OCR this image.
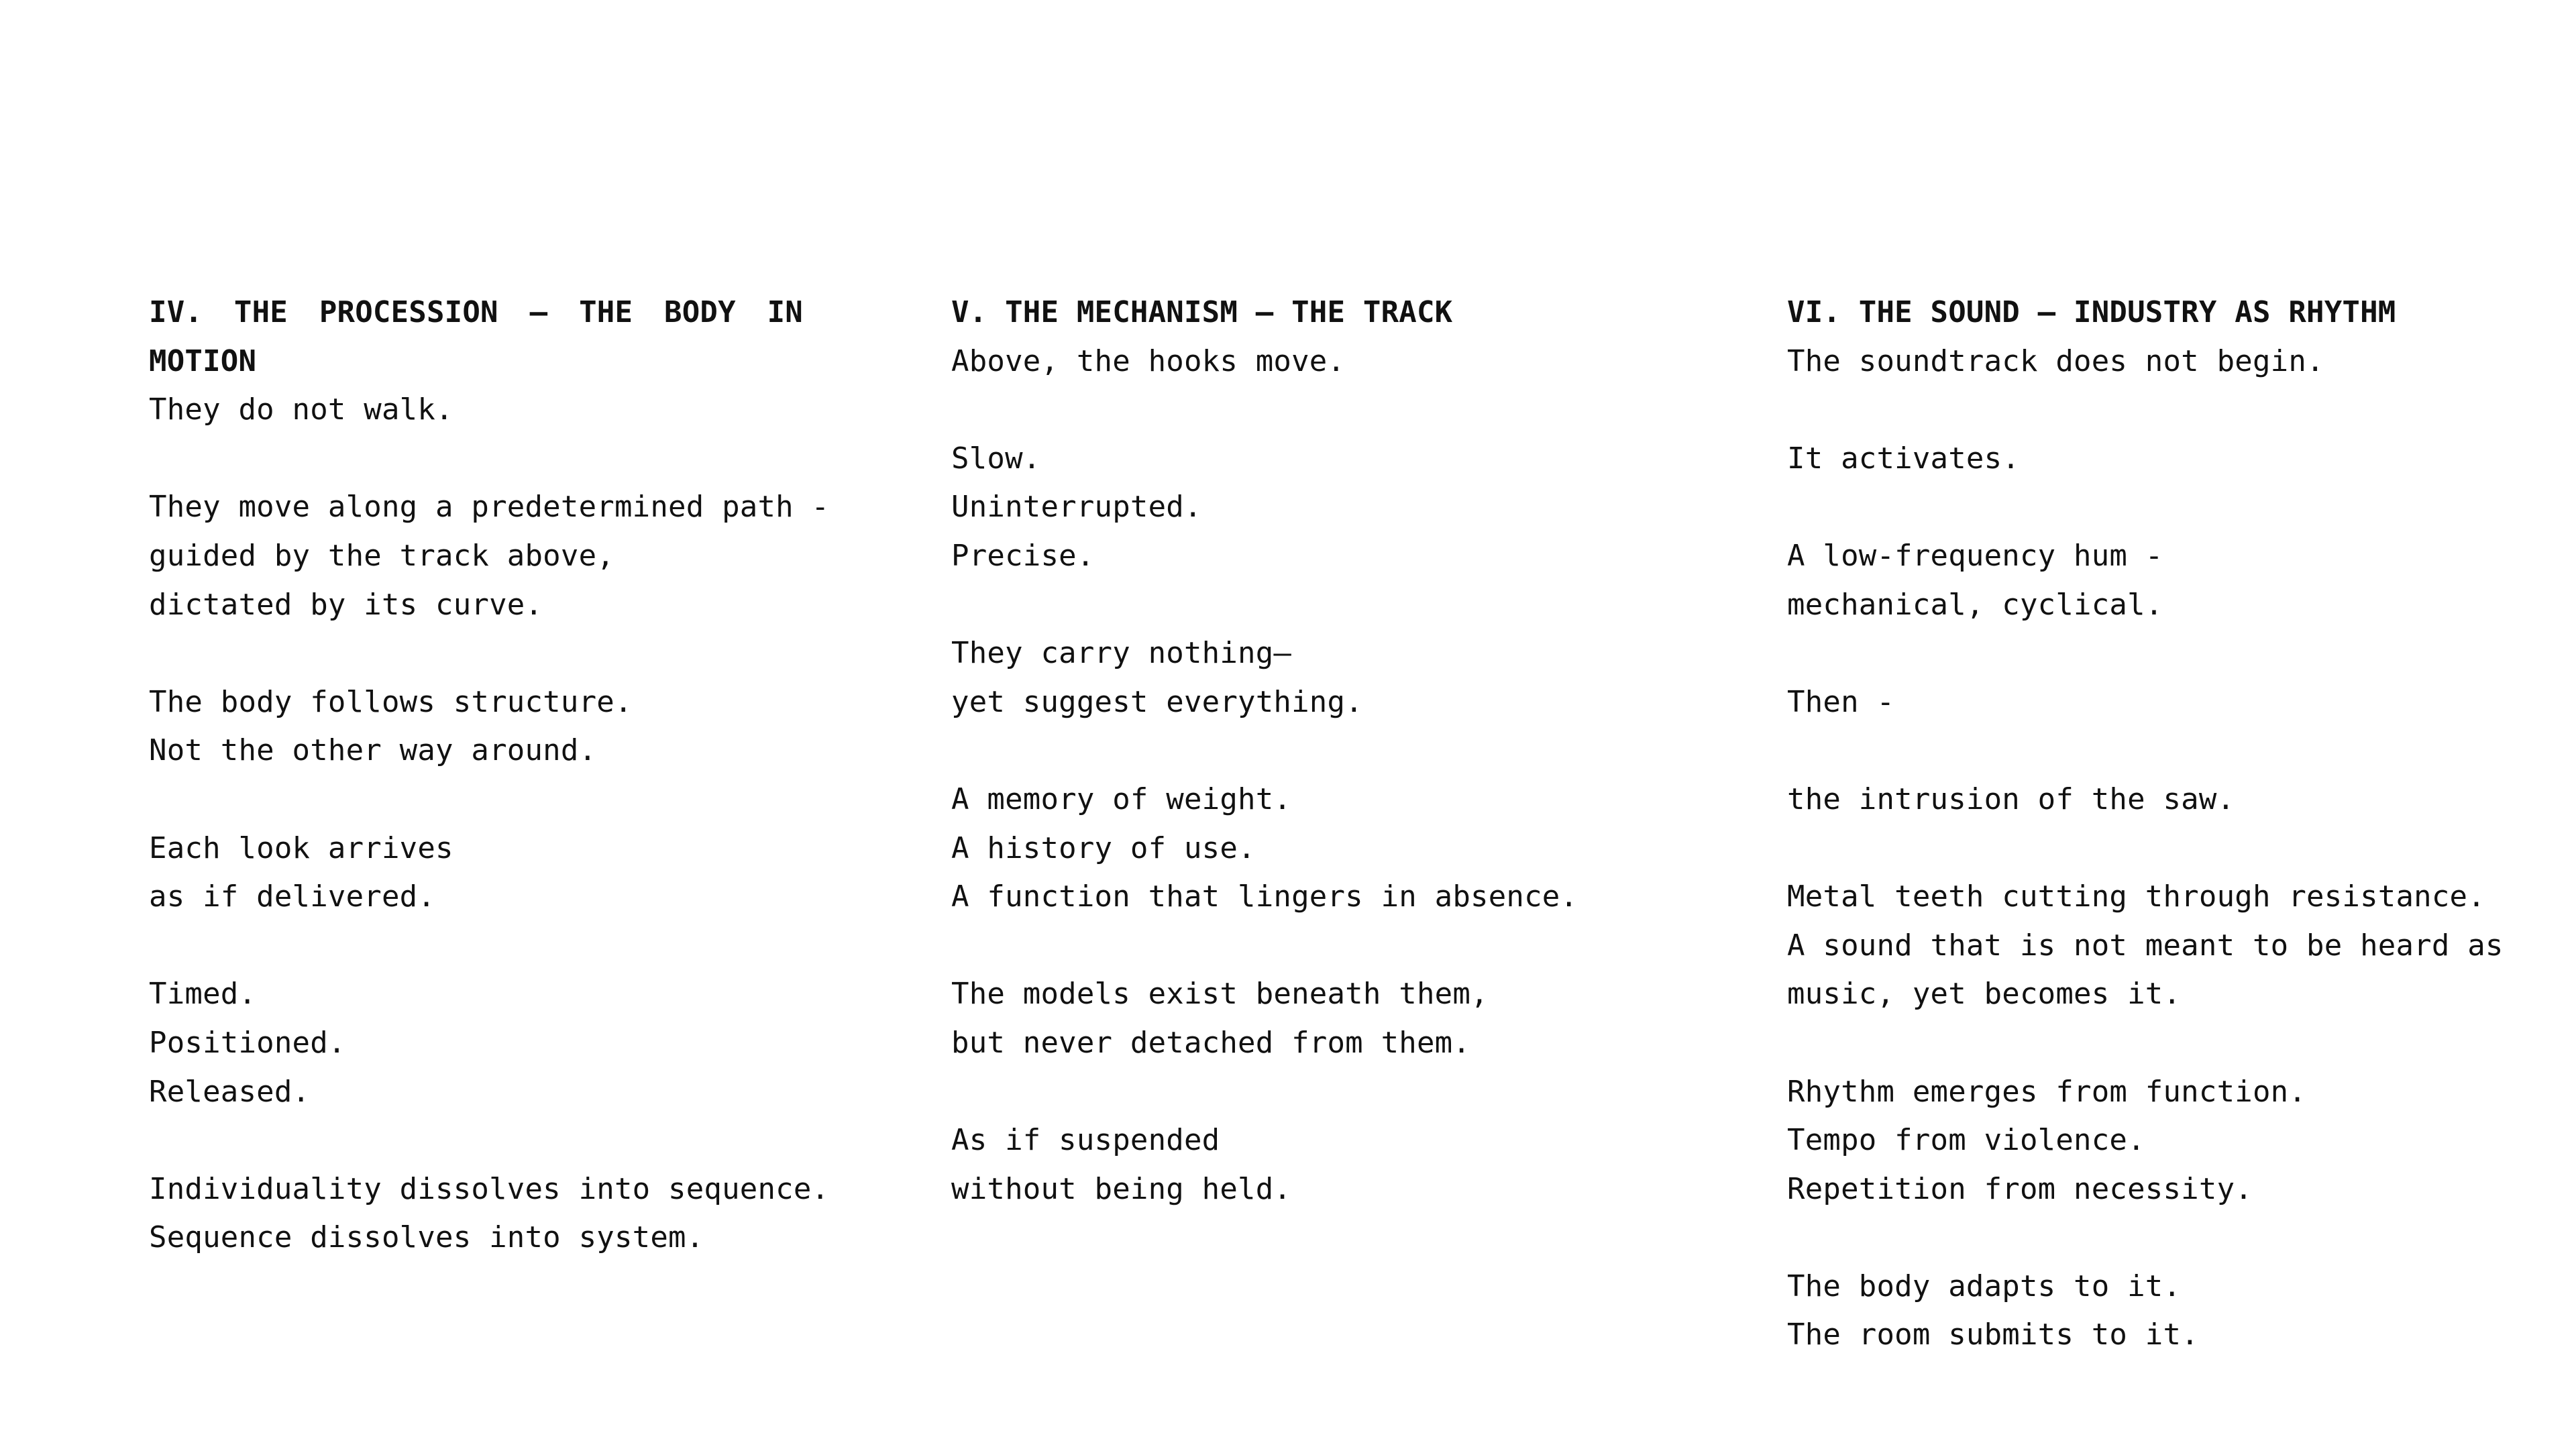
IV. THE PROCESSION — THE BODY IN MOTION

They do not walk.

They move along a predetermined path -

guided by the track above,

dictated by its curve.

The body follows structure.

Not the other way around.

Each look arrives

as if delivered.

Timed.

Positioned.

Released.

Individuality dissolves into sequence.

Sequence dissolves into system.

V. THE MECHANISM — THE TRACK

Above, the hooks move.

Slow.

Uninterrupted.

Precise.

They carry nothing—

yet suggest everything.

A memory of weight.

A history of use.

A function that lingers in absence.

The models exist beneath them,

but never detached from them.

As if suspended

without being held.

VI. THE SOUND — INDUSTRY AS RHYTHM

The soundtrack does not begin.

It activates.

A low-frequency hum -

mechanical, cyclical.

Then -

the intrusion of the saw.

Metal teeth cutting through resistance.

A sound that is not meant to be heard as

music, yet becomes it.

Rhythm emerges from function.

Tempo from violence.

Repetition from necessity.

The body adapts to it.

The room submits to it.
